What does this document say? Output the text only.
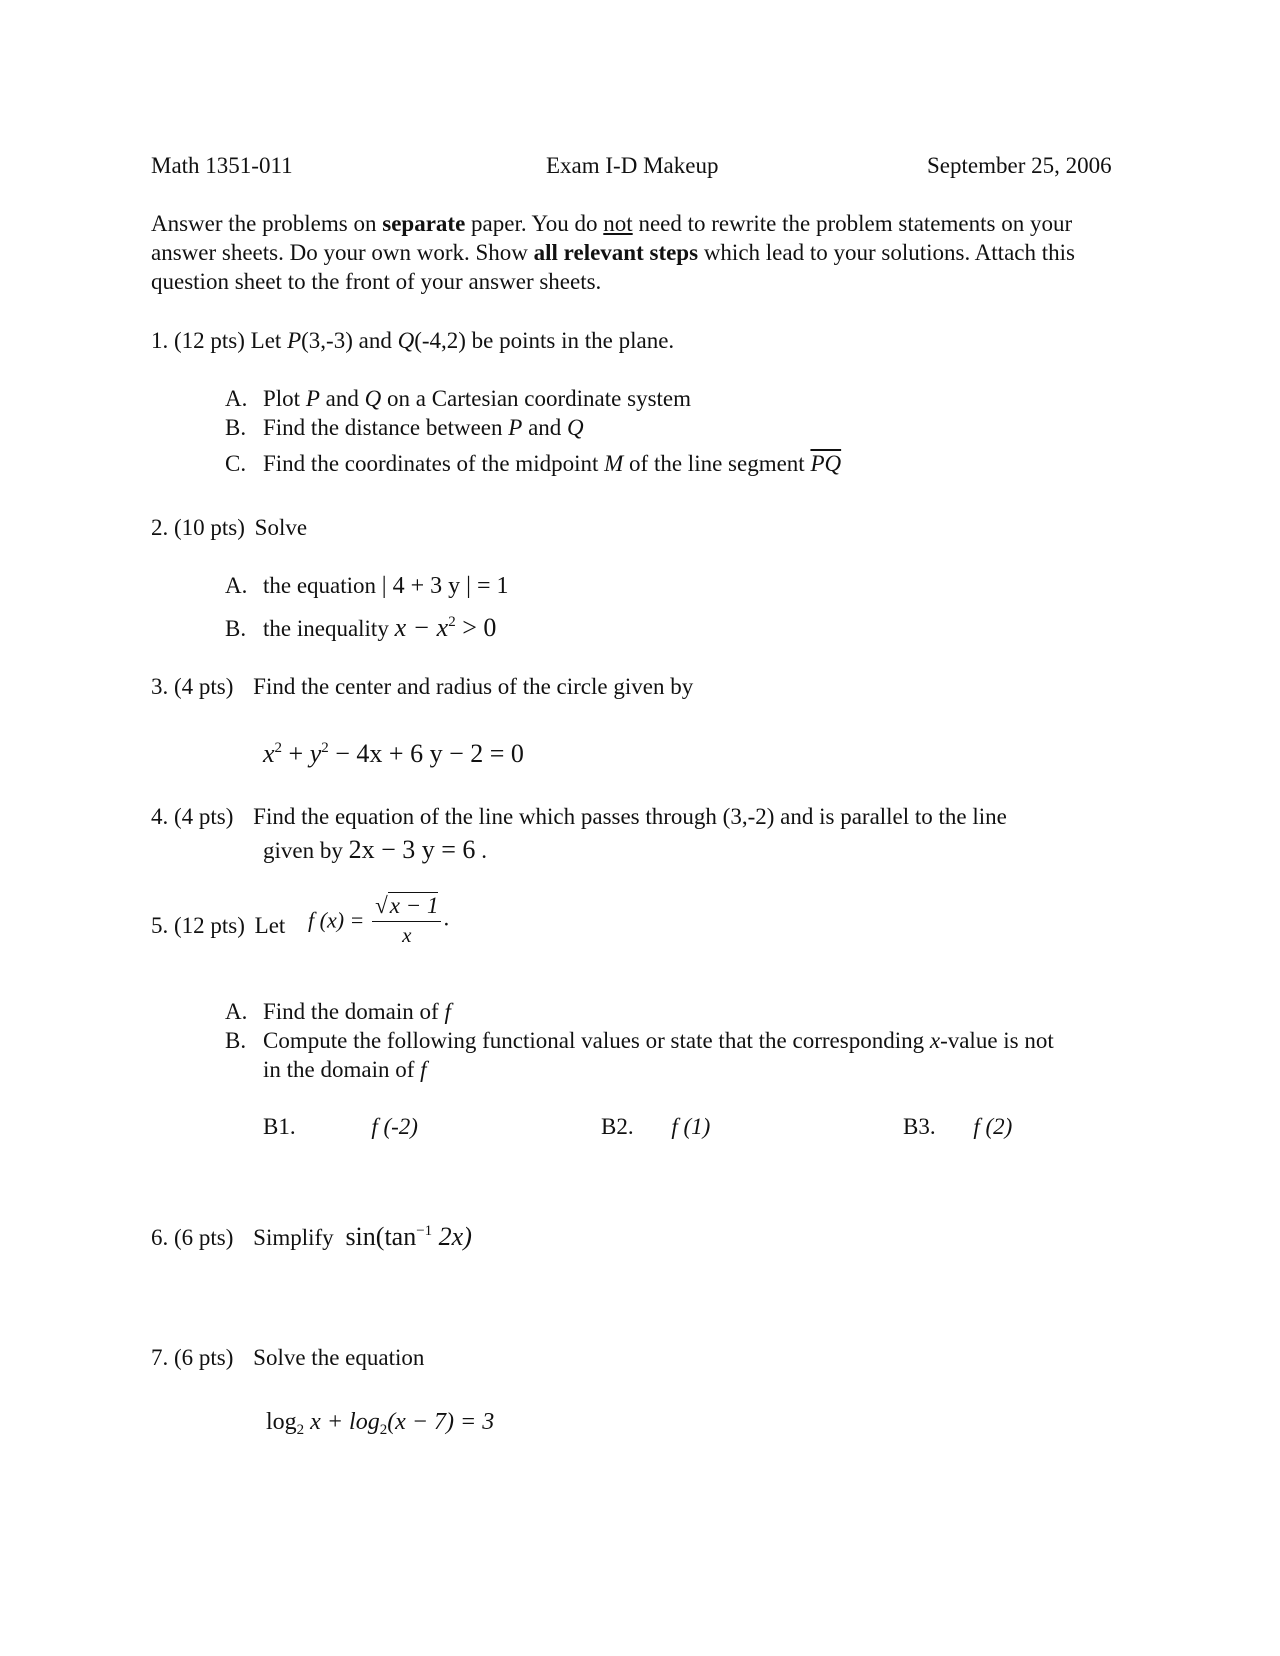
Math 1351-011	Exam I-D Makeup	September 25, 2006
Answer the problems on separate paper. You do not need to rewrite the problem statements on your answer sheets. Do your own work. Show all relevant steps which lead to your solutions. Attach this question sheet to the front of your answer sheets.
1. (12 pts) Let P(3,-3) and Q(-4,2) be points in the plane.
A. Plot P and Q on a Cartesian coordinate system
B. Find the distance between P and Q
C. Find the coordinates of the midpoint M of the line segment $\overline{PQ}$
2. (10 pts) Solve
A. the equation | 4 + 3 y | = 1
B. the inequality $x - x^2 > 0$
3. (4 pts) Find the center and radius of the circle given by
$x^2 + y^2 - 4x + 6$ y − 2 = 0
4. (4 pts) Find the equation of the line which passes through (3,-2) and is parallel to the line
given by 2x − 3 y = 6 .
5. (12 pts) Let f $(x) = \frac{√x - 1}{x}$ .
A. Find the domain of f
B. Compute the following functional values or state that the corresponding x-value is not
in the domain of f
B1.	f (-2)	B2. f (1)	B3. f (2)
6. (6 pts) Simplify $\sin(\tan^{-1}$ 2x)
7. (6 pts) Solve the equation
$\log_2 x + \log_2(x - 7) = 3$
